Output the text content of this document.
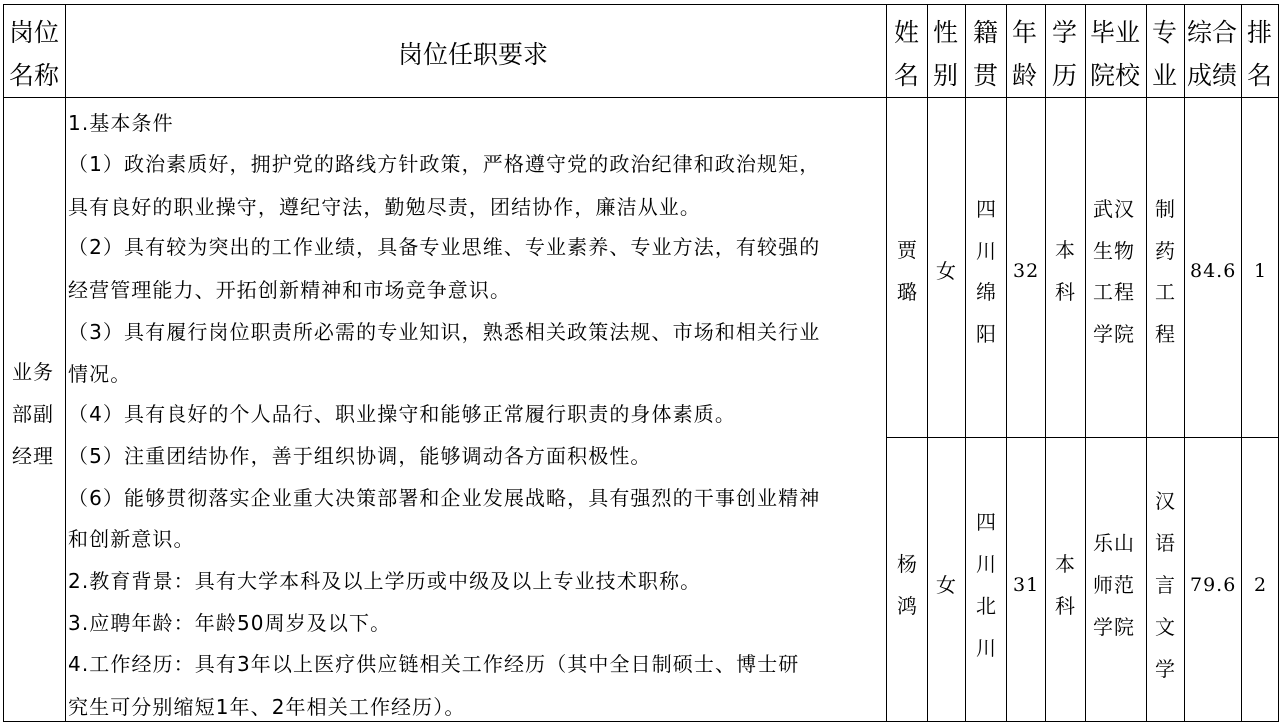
岗位
名称
岗位任职要求
姓
名
性
别
籍
贯
年
龄
学
历
毕业
院校
专
业
综合
成绩
排
名
业务
部副
经理
1.基本条件
（1）政治素质好，拥护党的路线方针政策，严格遵守党的政治纪律和政治规矩，
具有良好的职业操守，遵纪守法，勤勉尽责，团结协作，廉洁从业。
（2）具有较为突出的工作业绩，具备专业思维、专业素养、专业方法，有较强的
经营管理能力、开拓创新精神和市场竞争意识。
（3）具有履行岗位职责所必需的专业知识，熟悉相关政策法规、市场和相关行业
情况。
（4）具有良好的个人品行、职业操守和能够正常履行职责的身体素质。
（5）注重团结协作，善于组织协调，能够调动各方面积极性。
（6）能够贯彻落实企业重大决策部署和企业发展战略，具有强烈的干事创业精神
和创新意识。
2.教育背景：具有大学本科及以上学历或中级及以上专业技术职称。
3.应聘年龄：年龄50周岁及以下。
4.工作经历：具有3年以上医疗供应链相关工作经历（其中全日制硕士、博士研
究生可分别缩短1年、2年相关工作经历）。
贾
璐
女
四
川
绵
阳
32
本
科
武汉
生物
工程
学院
制
药
工
程
84.6 1
杨
鸿
女
四
川
北
川
31
本
科
乐山
师范
学院
汉
语
言
文
学
79.6 2
